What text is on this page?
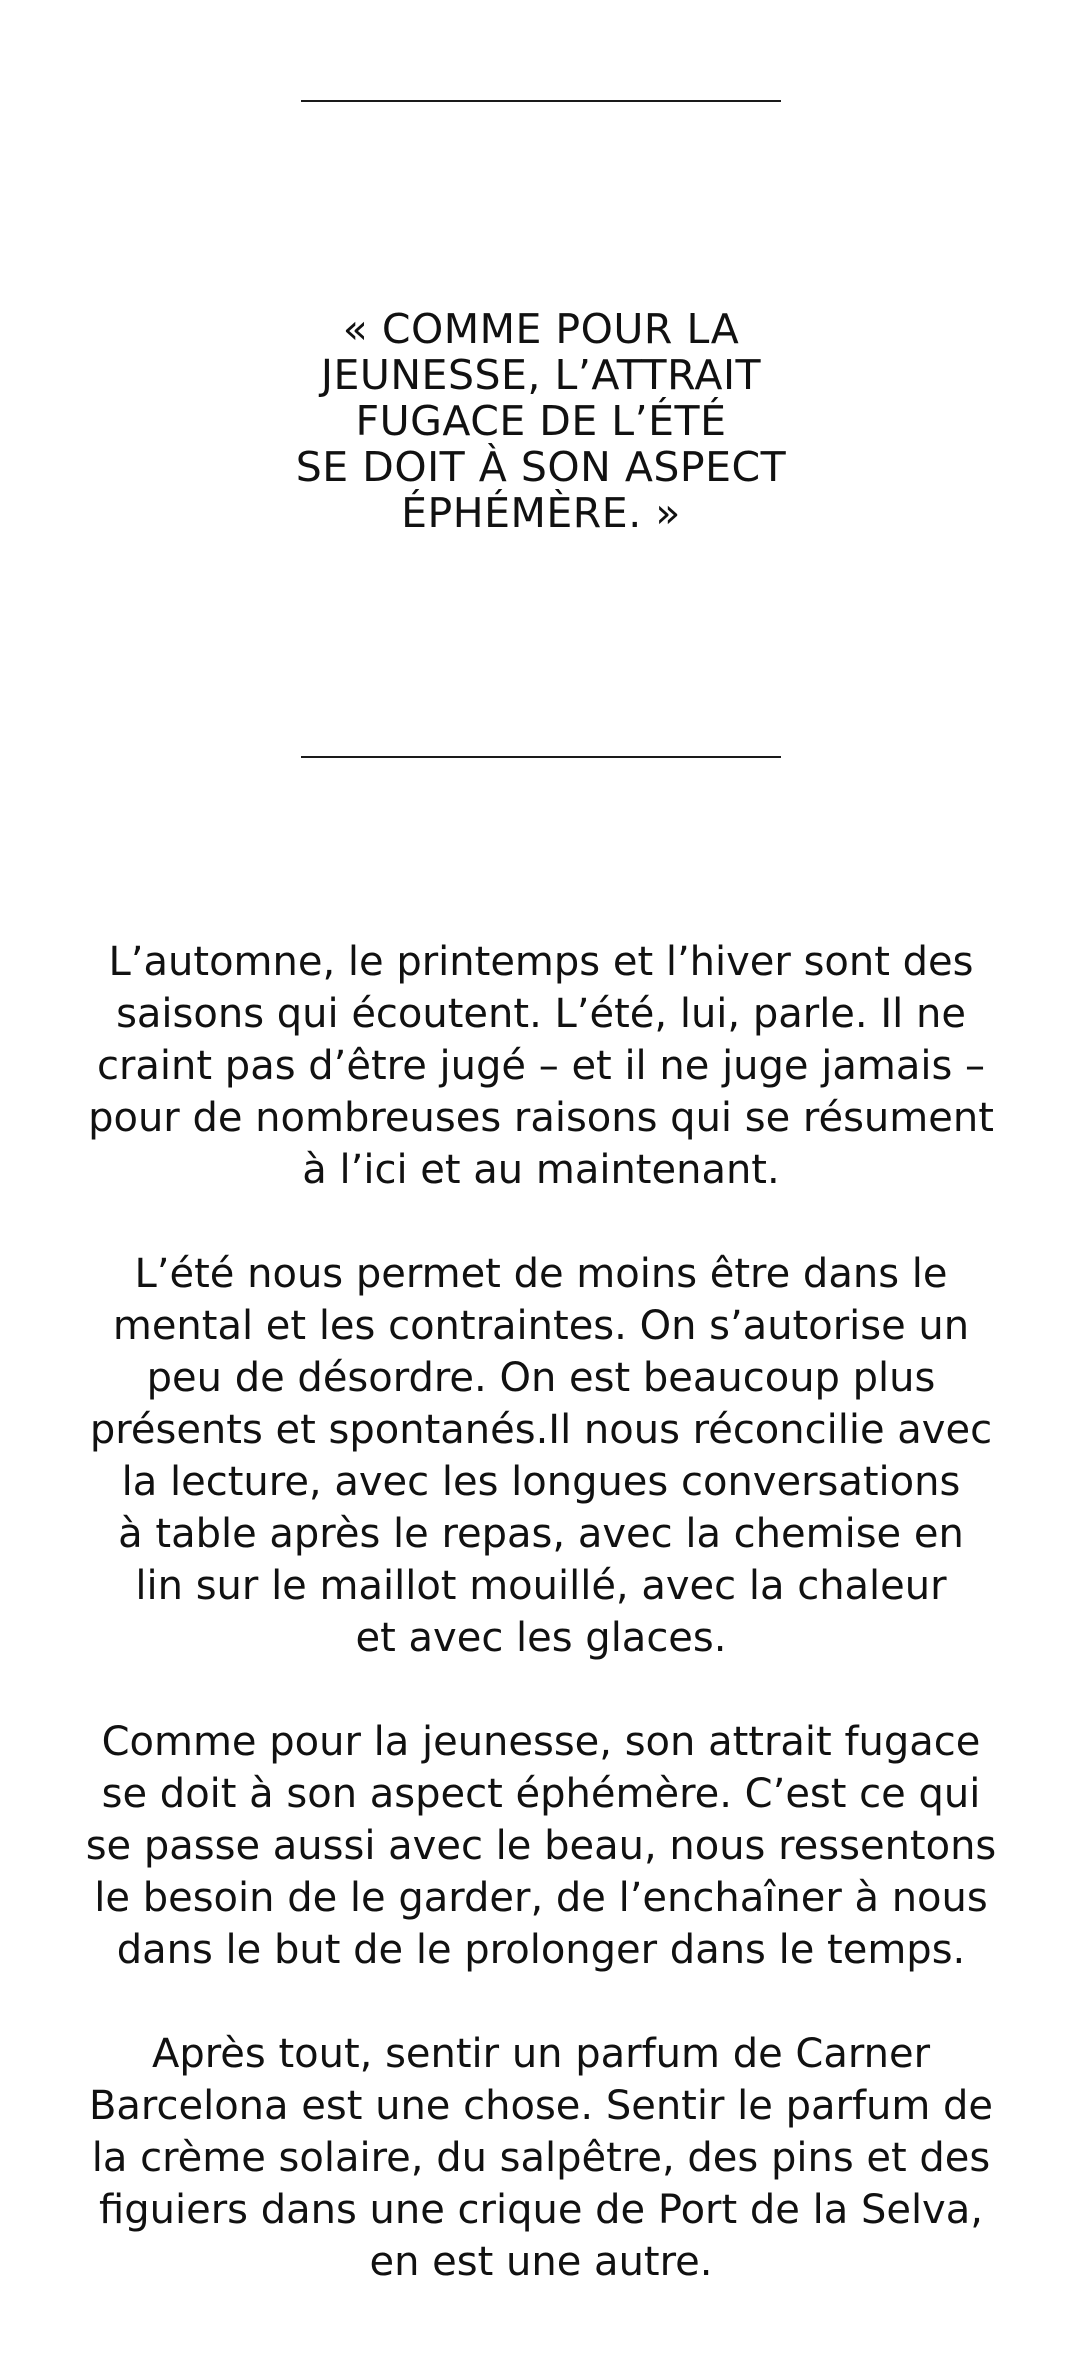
« COMME POUR LA
JEUNESSE, L’ATTRAIT
FUGACE DE L’ÉTÉ
SE DOIT À SON ASPECT
ÉPHÉMÈRE. »

L’automne, le printemps et l’hiver sont des
saisons qui écoutent. L’été, lui, parle. Il ne
craint pas d’être jugé – et il ne juge jamais –
pour de nombreuses raisons qui se résument
à l’ici et au maintenant.

L’été nous permet de moins être dans le
mental et les contraintes. On s’autorise un
peu de désordre. On est beaucoup plus
présents et spontanés.Il nous réconcilie avec
la lecture, avec les longues conversations
à table après le repas, avec la chemise en
lin sur le maillot mouillé, avec la chaleur
et avec les glaces.

Comme pour la jeunesse, son attrait fugace
se doit à son aspect éphémère. C’est ce qui
se passe aussi avec le beau, nous ressentons
le besoin de le garder, de l’enchaîner à nous
dans le but de le prolonger dans le temps.

Après tout, sentir un parfum de Carner
Barcelona est une chose. Sentir le parfum de
la crème solaire, du salpêtre, des pins et des
figuiers dans une crique de Port de la Selva,
en est une autre.
